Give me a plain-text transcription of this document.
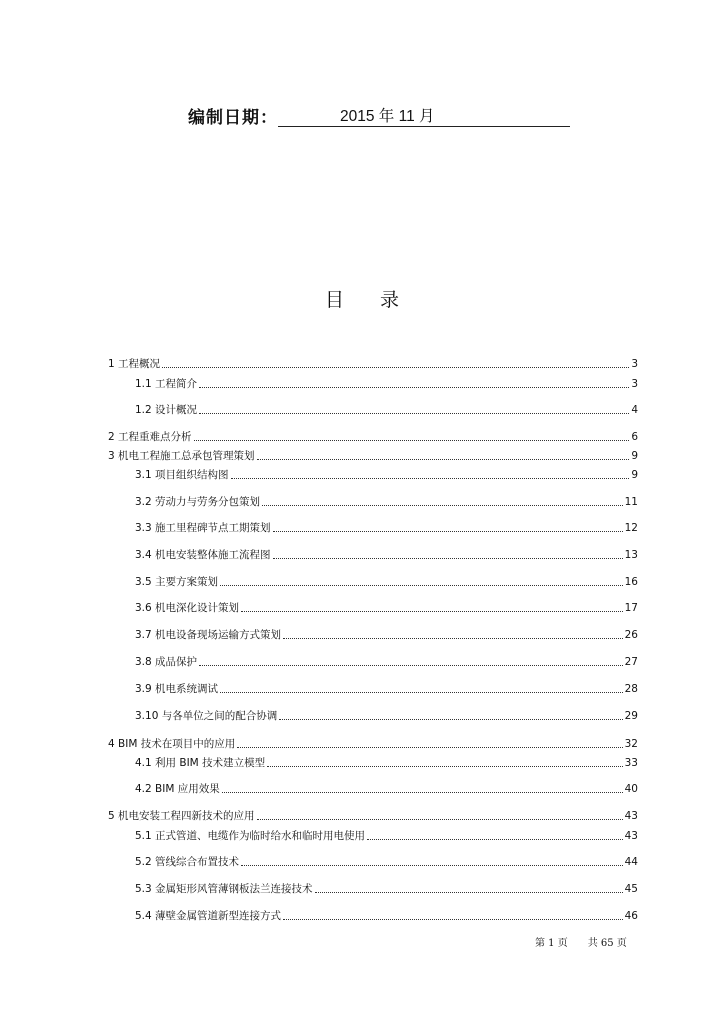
编制日期：	2015 年 11 月
目 录
1 工程概况	3
1.1 工程简介	3
1.2 设计概况	4
2 工程重难点分析	6
3 机电工程施工总承包管理策划	9
3.1 项目组织结构图	9
3.2 劳动力与劳务分包策划	11
3.3 施工里程碑节点工期策划	12
3.4 机电安装整体施工流程图	13
3.5 主要方案策划	16
3.6 机电深化设计策划	17
3.7 机电设备现场运输方式策划	26
3.8 成品保护	27
3.9 机电系统调试	28
3.10 与各单位之间的配合协调	29
4 BIM 技术在项目中的应用	32
4.1 利用 BIM 技术建立模型	33
4.2 BIM 应用效果	40
5 机电安装工程四新技术的应用	43
5.1 正式管道、电缆作为临时给水和临时用电使用	43
5.2 管线综合布置技术	44
5.3 金属矩形风管薄钢板法兰连接技术	45
5.4 薄壁金属管道新型连接方式	46
第 1 页 共 65 页
